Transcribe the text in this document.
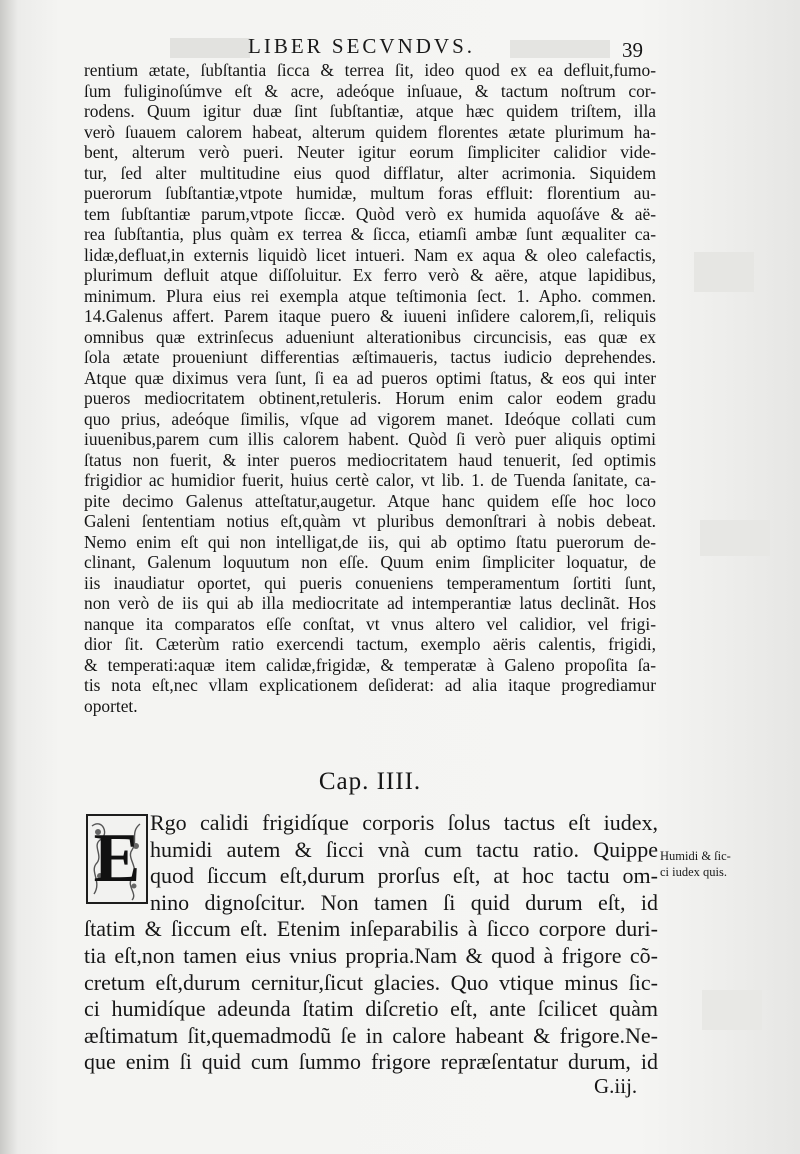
LIBER SECVNDVS.	39
rentium ætate, ſubſtantia ſicca & terrea ſit, ideo quod ex ea defluit,fumo-
ſum fuliginoſúmve eſt & acre, adeóque inſuaue, & tactum noſtrum cor-
rodens. Quum igitur duæ ſint ſubſtantiæ, atque hæc quidem triſtem, illa
verò ſuauem calorem habeat, alterum quidem florentes ætate plurimum ha-
bent, alterum verò pueri. Neuter igitur eorum ſimpliciter calidior vide-
tur, ſed alter multitudine eius quod difflatur, alter acrimonia. Siquidem
puerorum ſubſtantiæ,vtpote humidæ, multum foras effluit: florentium au-
tem ſubſtantiæ parum,vtpote ſiccæ. Quòd verò ex humida aquoſáve & aë-
rea ſubſtantia, plus quàm ex terrea & ſicca, etiamſi ambæ ſunt æqualiter ca-
lidæ,defluat,in externis liquidò licet intueri. Nam ex aqua & oleo calefactis,
plurimum defluit atque diſſoluitur. Ex ferro verò & aëre, atque lapidibus,
minimum. Plura eius rei exempla atque teſtimonia ſect. 1. Apho. commen.
14.Galenus affert. Parem itaque puero & iuueni inſidere calorem,ſi, reliquis
omnibus quæ extrinſecus adueniunt alterationibus circuncisis, eas quæ ex
ſola ætate proueniunt differentias æſtimaueris, tactus iudicio deprehendes.
Atque quæ diximus vera ſunt, ſi ea ad pueros optimi ſtatus, & eos qui inter
pueros mediocritatem obtinent,retuleris. Horum enim calor eodem gradu
quo prius, adeóque ſimilis, vſque ad vigorem manet. Ideóque collati cum
iuuenibus,parem cum illis calorem habent. Quòd ſi verò puer aliquis optimi
ſtatus non fuerit, & inter pueros mediocritatem haud tenuerit, ſed optimis
frigidior ac humidior fuerit, huius certè calor, vt lib. 1. de Tuenda ſanitate, ca-
pite decimo Galenus atteſtatur,augetur. Atque hanc quidem eſſe hoc loco
Galeni ſententiam notius eſt,quàm vt pluribus demonſtrari à nobis debeat.
Nemo enim eſt qui non intelligat,de iis, qui ab optimo ſtatu puerorum de-
clinant, Galenum loquutum non eſſe. Quum enim ſimpliciter loquatur, de
iis inaudiatur oportet, qui pueris conueniens temperamentum ſortiti ſunt,
non verò de iis qui ab illa mediocritate ad intemperantiæ latus declinãt. Hos
nanque ita comparatos eſſe conſtat, vt vnus altero vel calidior, vel frigi-
dior ſit. Cæterùm ratio exercendi tactum, exemplo aëris calentis, frigidi,
& temperati:aquæ item calidæ,frigidæ, & temperatæ à Galeno propoſita ſa-
tis nota eſt,nec vllam explicationem deſiderat: ad alia itaque progrediamur
oportet.
Cap. IIII.
E Rgo calidi frigidíque corporis ſolus tactus eſt iudex,
humidi autem & ſicci vnà cum tactu ratio. Quippe
quod ſiccum eſt,durum prorſus eſt, at hoc tactu om-
nino dignoſcitur. Non tamen ſi quid durum eſt, id
ſtatim & ſiccum eſt. Etenim inſeparabilis à ſicco corpore duri-
tia eſt,non tamen eius vnius propria.Nam & quod à frigore cõ-
cretum eſt,durum cernitur,ſicut glacies. Quo vtique minus ſic-
ci humidíque adeunda ſtatim diſcretio eſt, ante ſcilicet quàm
æſtimatum ſit,quemadmodũ ſe in calore habeant & frigore.Ne-
que enim ſi quid cum ſummo frigore repræſentatur durum, id
Humidi & ſic-
ci iudex quis.
G.iij.
